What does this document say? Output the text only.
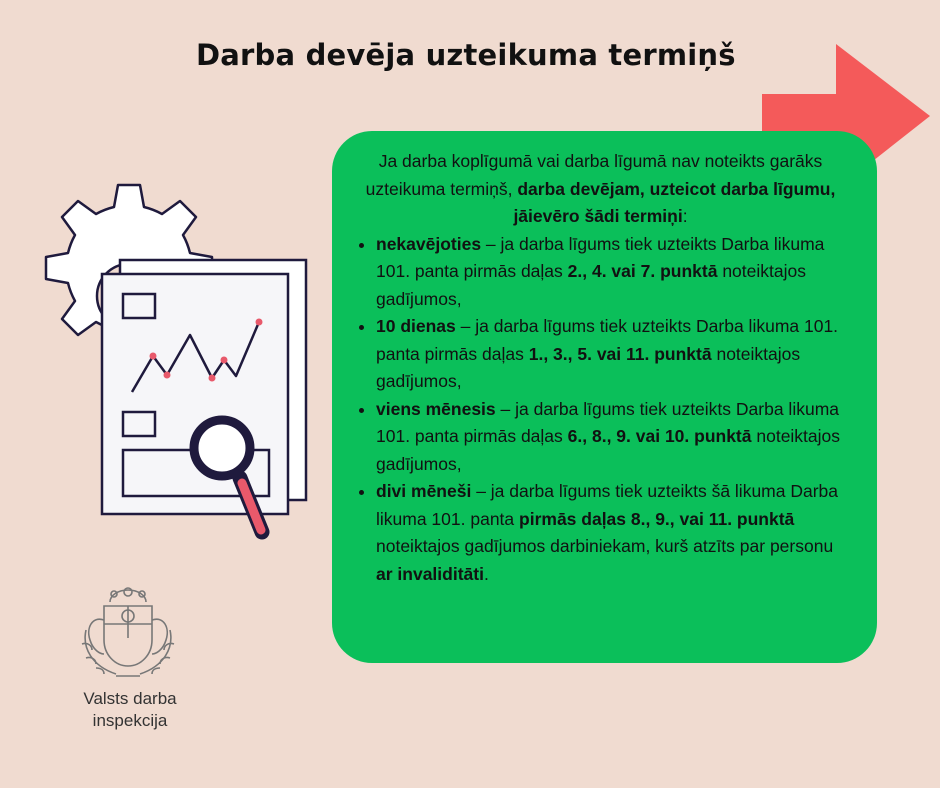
Darba devēja uzteikuma termiņš

Ja darba koplīgumā vai darba līgumā nav noteikts garāks uzteikuma termiņš, darba devējam, uzteicot darba līgumu, jāievēro šādi termiņi:

• nekavējoties – ja darba līgums tiek uzteikts Darba likuma 101. panta pirmās daļas 2., 4. vai 7. punktā noteiktajos gadījumos,
• 10 dienas – ja darba līgums tiek uzteikts Darba likuma 101. panta pirmās daļas 1., 3., 5. vai 11. punktā noteiktajos gadījumos,
• viens mēnesis – ja darba līgums tiek uzteikts Darba likuma 101. panta pirmās daļas 6., 8., 9. vai 10. punktā noteiktajos gadījumos,
• divi mēneši – ja darba līgums tiek uzteikts šā likuma Darba likuma 101. panta pirmās daļas 8., 9., vai 11. punktā noteiktajos gadījumos darbiniekam, kurš atzīts par personu ar invaliditāti.
Valsts darba
inspekcija
